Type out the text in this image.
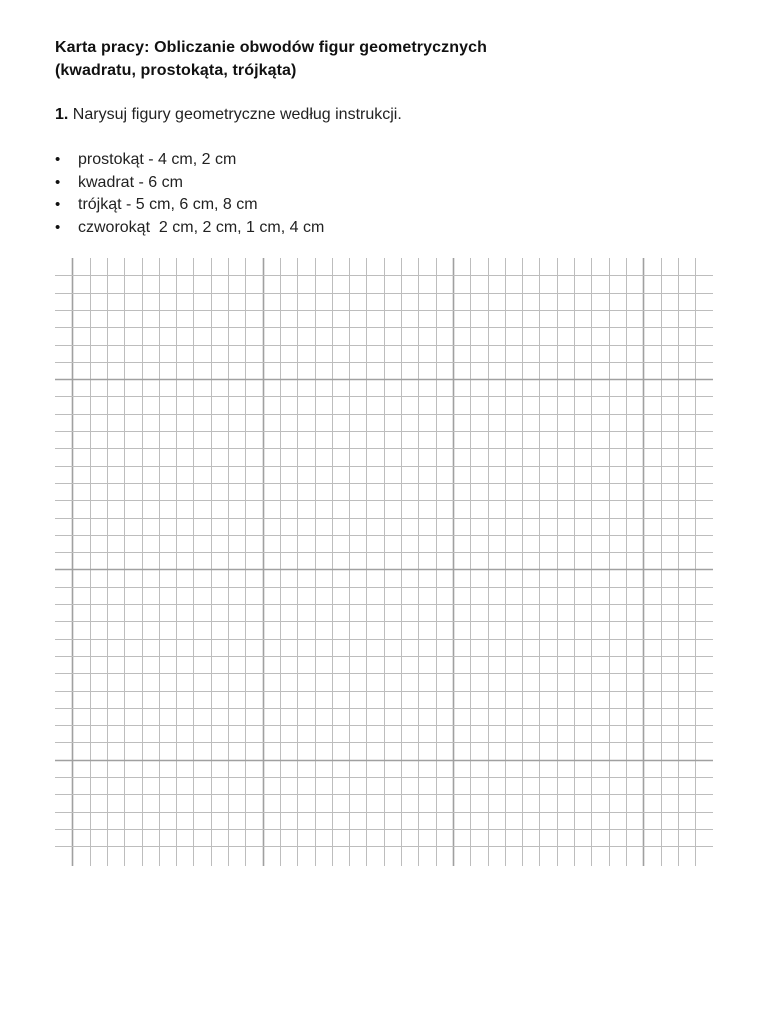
Karta pracy: Obliczanie obwodów figur geometrycznych
(kwadratu, prostokąta, trójkąta)
1. Narysuj figury geometryczne według instrukcji.
• prostokąt - 4 cm, 2 cm
• kwadrat - 6 cm
• trójkąt - 5 cm, 6 cm, 8 cm
• czworokąt  2 cm, 2 cm, 1 cm, 4 cm
